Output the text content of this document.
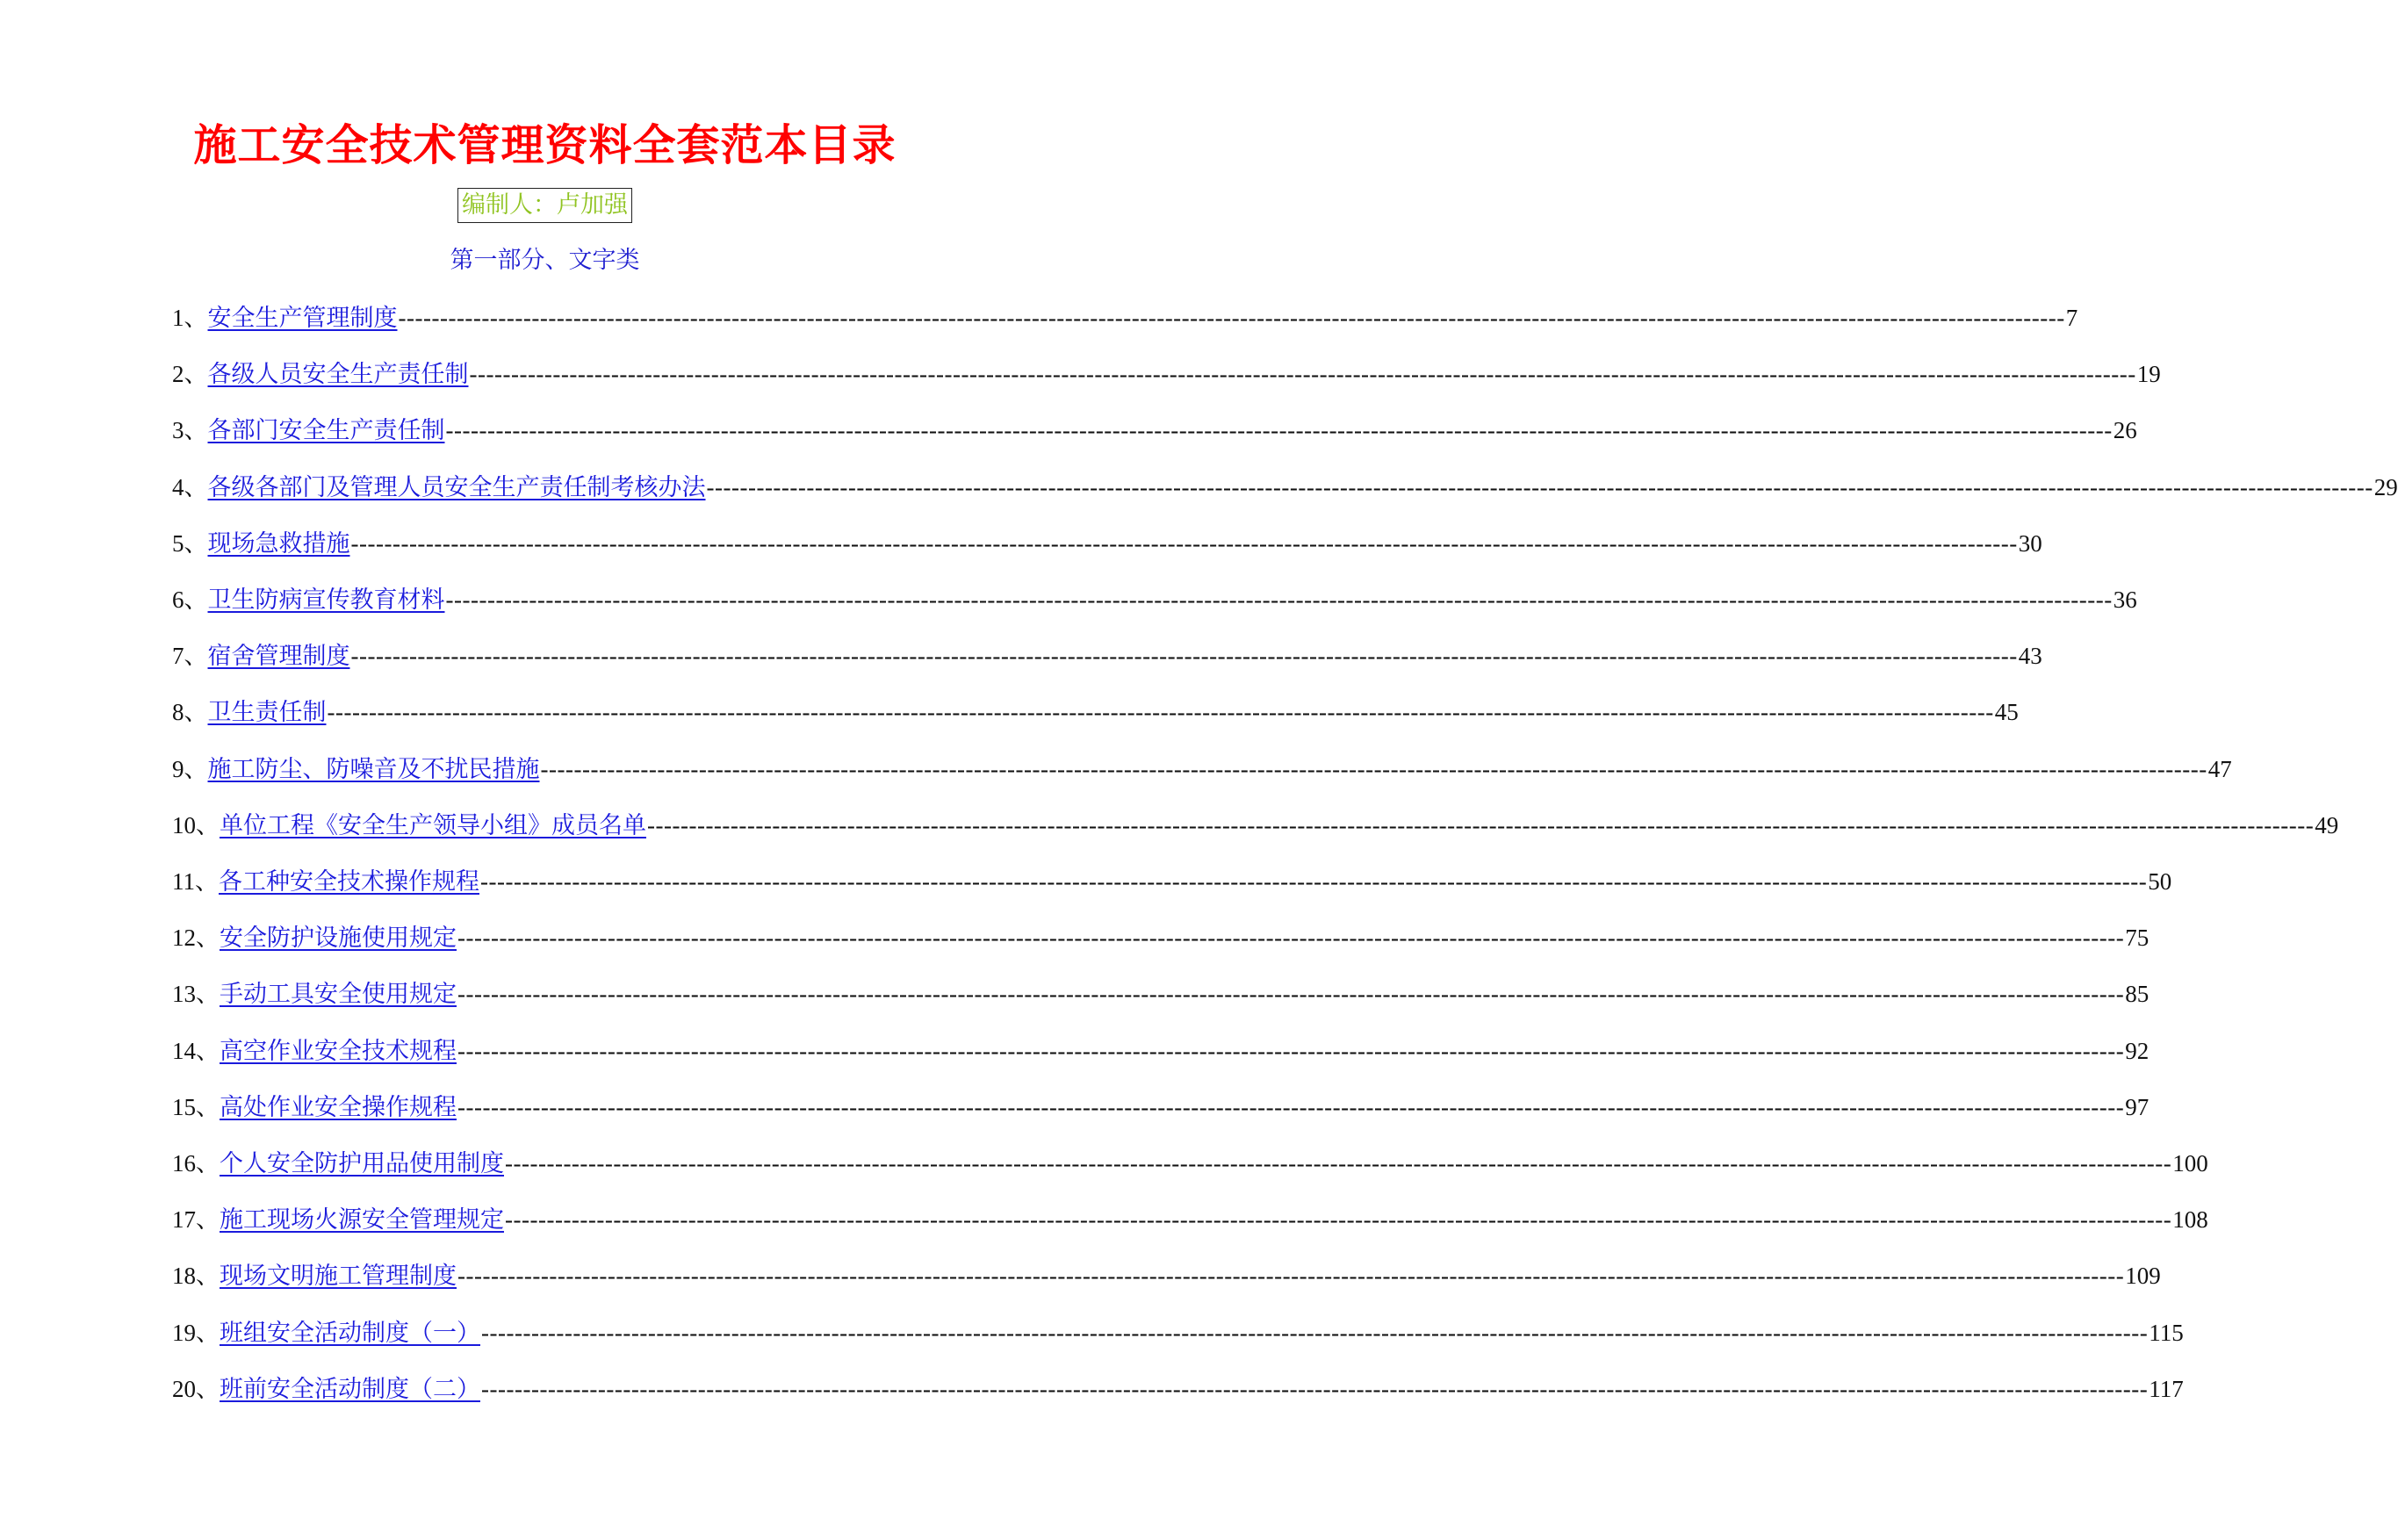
施工安全技术管理资料全套范本目录
编制人：卢加强
第一部分、文字类
1、 安全生产管理制度 -------------------------------------------------------------------------------------------------------------------------------------------------------------------------------------------------------- 7
2、 各级人员安全生产责任制 -------------------------------------------------------------------------------------------------------------------------------------------------------------------------------------------------------- 19
3、 各部门安全生产责任制 -------------------------------------------------------------------------------------------------------------------------------------------------------------------------------------------------------- 26
4、 各级各部门及管理人员安全生产责任制考核办法 -------------------------------------------------------------------------------------------------------------------------------------------------------------------------------------------------------- 29
5、 现场急救措施 -------------------------------------------------------------------------------------------------------------------------------------------------------------------------------------------------------- 30
6、 卫生防病宣传教育材料 -------------------------------------------------------------------------------------------------------------------------------------------------------------------------------------------------------- 36
7、 宿舍管理制度 -------------------------------------------------------------------------------------------------------------------------------------------------------------------------------------------------------- 43
8、 卫生责任制 -------------------------------------------------------------------------------------------------------------------------------------------------------------------------------------------------------- 45
9、 施工防尘、防噪音及不扰民措施 -------------------------------------------------------------------------------------------------------------------------------------------------------------------------------------------------------- 47
10、 单位工程《安全生产领导小组》成员名单 -------------------------------------------------------------------------------------------------------------------------------------------------------------------------------------------------------- 49
11、 各工种安全技术操作规程 -------------------------------------------------------------------------------------------------------------------------------------------------------------------------------------------------------- 50
12、 安全防护设施使用规定 -------------------------------------------------------------------------------------------------------------------------------------------------------------------------------------------------------- 75
13、 手动工具安全使用规定 -------------------------------------------------------------------------------------------------------------------------------------------------------------------------------------------------------- 85
14、 高空作业安全技术规程 -------------------------------------------------------------------------------------------------------------------------------------------------------------------------------------------------------- 92
15、 高处作业安全操作规程 -------------------------------------------------------------------------------------------------------------------------------------------------------------------------------------------------------- 97
16、 个人安全防护用品使用制度 -------------------------------------------------------------------------------------------------------------------------------------------------------------------------------------------------------- 100
17、 施工现场火源安全管理规定 -------------------------------------------------------------------------------------------------------------------------------------------------------------------------------------------------------- 108
18、 现场文明施工管理制度 -------------------------------------------------------------------------------------------------------------------------------------------------------------------------------------------------------- 109
19、 班组安全活动制度（一） -------------------------------------------------------------------------------------------------------------------------------------------------------------------------------------------------------- 115
20、 班前安全活动制度（二） -------------------------------------------------------------------------------------------------------------------------------------------------------------------------------------------------------- 117
